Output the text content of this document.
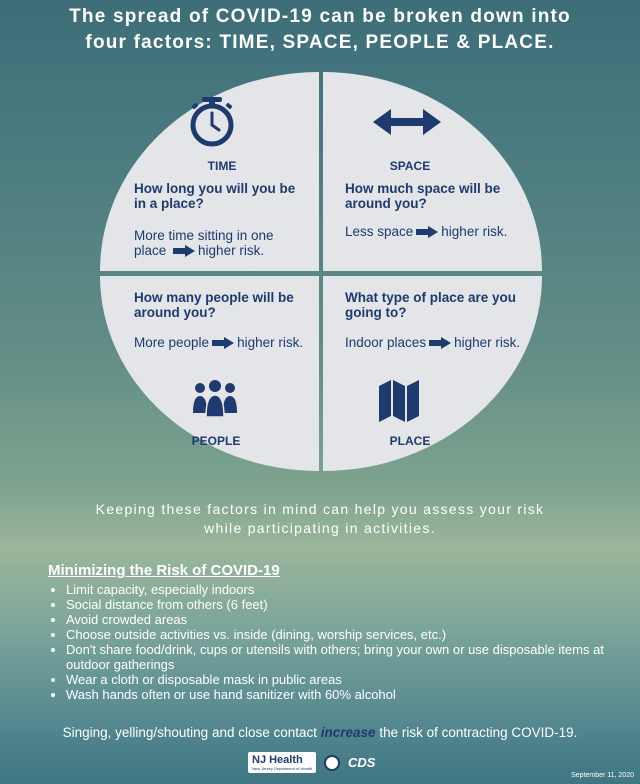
The spread of COVID-19 can be broken down into
four factors: TIME, SPACE, PEOPLE & PLACE.
TIME
How long you will you be in a place?
More time sitting in one place higher risk.
SPACE
How much space will be around you?
Less space higher risk.
How many people will be around you?
More people higher risk.
PEOPLE
What type of place are you going to?
Indoor places higher risk.
PLACE
Keeping these factors in mind can help you assess your risk
while participating in activities.
Minimizing the Risk of COVID-19
• Limit capacity, especially indoors
• Social distance from others (6 feet)
• Avoid crowded areas
• Choose outside activities vs. inside (dining, worship services, etc.)
• Don't share food/drink, cups or utensils with others; bring your own or use disposable items at outdoor gatherings
• Wear a cloth or disposable mask in public areas
• Wash hands often or use hand sanitizer with 60% alcohol
Singing, yelling/shouting and close contact increase the risk of contracting COVID-19.
NJ Health
New Jersey Department of Health	CDS
September 11, 2020
